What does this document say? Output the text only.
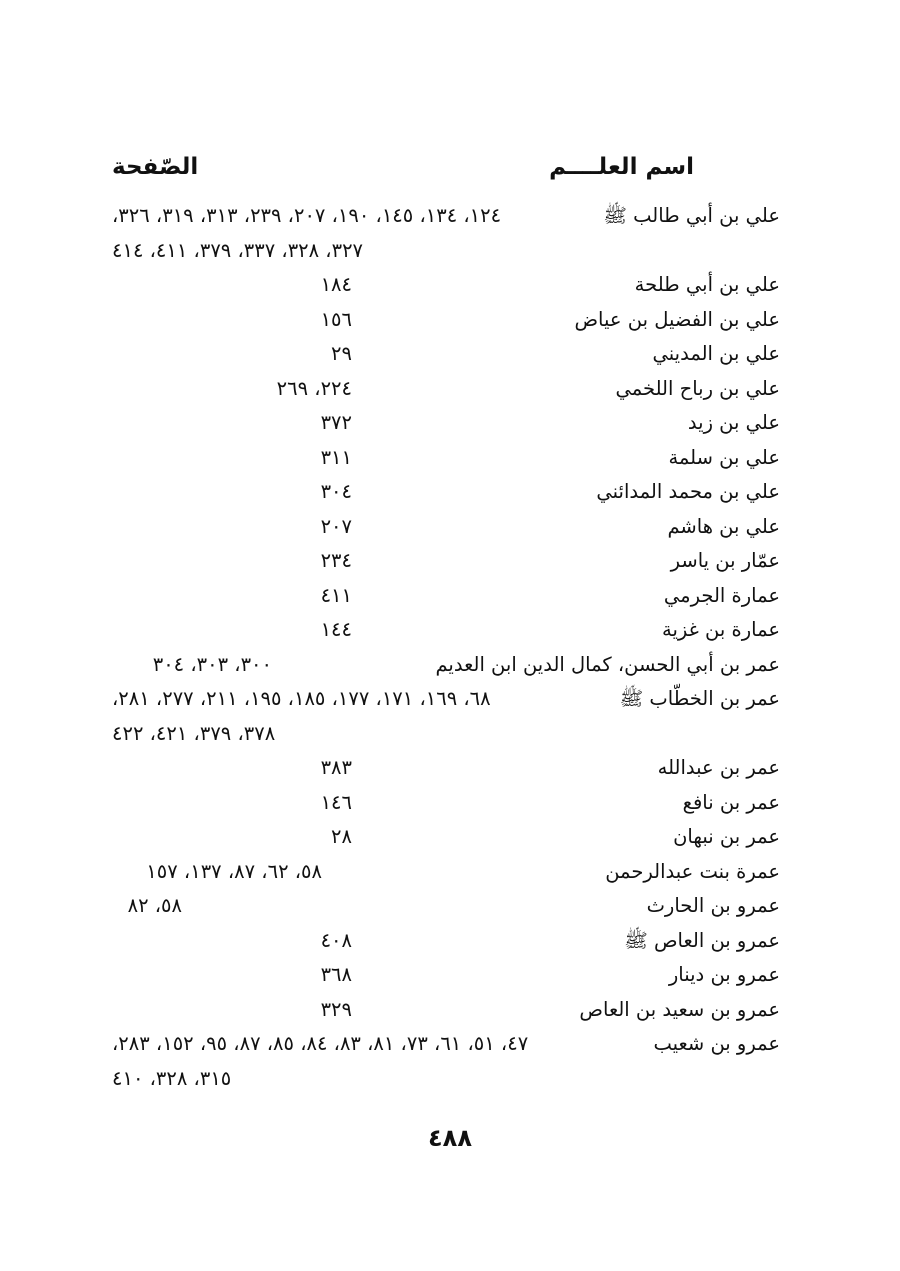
اسم العلــــم
الصّفحة
علي بن أبي طالب ﷺ
١٢٤، ١٣٤، ١٤٥، ١٩٠، ٢٠٧، ٢٣٩، ٣١٣، ٣١٩، ٣٢٦،
٣٢٧، ٣٢٨، ٣٣٧، ٣٧٩، ٤١١، ٤١٤
علي بن أبي طلحة
١٨٤
علي بن الفضيل بن عياض
١٥٦
علي بن المديني
٢٩
علي بن رباح اللخمي
٢٢٤، ٢٦٩
علي بن زيد
٣٧٢
علي بن سلمة
٣١١
علي بن محمد المدائني
٣٠٤
علي بن هاشم
٢٠٧
عمّار بن ياسر
٢٣٤
عمارة الجرمي
٤١١
عمارة بن غزية
١٤٤
عمر بن أبي الحسن، كمال الدين ابن العديم
٣٠٠، ٣٠٣، ٣٠٤
عمر بن الخطّاب ﷺ
٦٨، ١٦٩، ١٧١، ١٧٧، ١٨٥، ١٩٥، ٢١١، ٢٧٧، ٢٨١،
٣٧٨، ٣٧٩، ٤٢١، ٤٢٢
عمر بن عبدالله
٣٨٣
عمر بن نافع
١٤٦
عمر بن نبهان
٢٨
عمرة بنت عبدالرحمن
٥٨، ٦٢، ٨٧، ١٣٧، ١٥٧
عمرو بن الحارث
٥٨، ٨٢
عمرو بن العاص ﷺ
٤٠٨
عمرو بن دينار
٣٦٨
عمرو بن سعيد بن العاص
٣٢٩
عمرو بن شعيب
٤٧، ٥١، ٦١، ٧٣، ٨١، ٨٣، ٨٤، ٨٥، ٨٧، ٩٥، ١٥٢، ٢٨٣،
٣١٥، ٣٢٨، ٤١٠
٤٨٨
